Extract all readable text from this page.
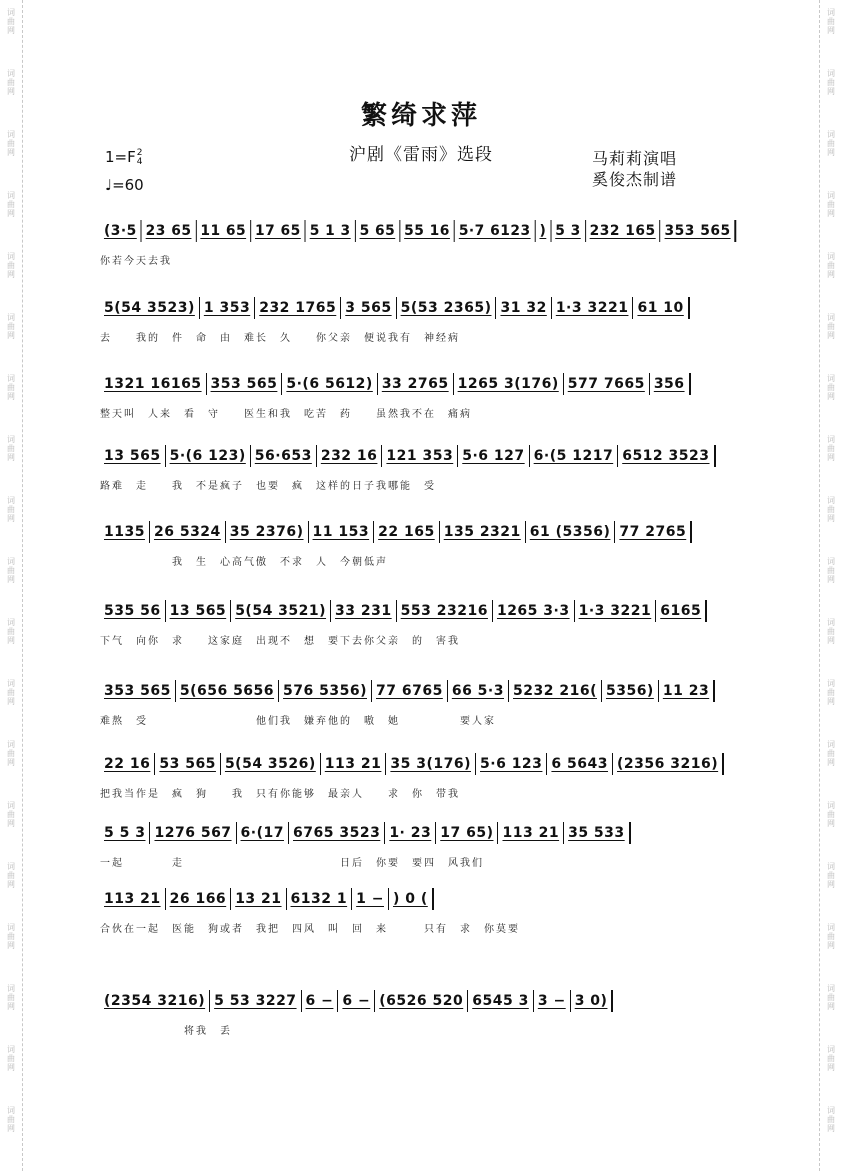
词
曲
网
词
曲
网
词
曲
网
词
曲
网
词
曲
网
词
曲
网
词
曲
网
词
曲
网
词
曲
网
词
曲
网
词
曲
网
词
曲
网
词
曲
网
词
曲
网
词
曲
网
词
曲
网
词
曲
网
词
曲
网
词
曲
网
词
曲
网
词
曲
网
词
曲
网
词
曲
网
词
曲
网
词
曲
网
词
曲
网
词
曲
网
词
曲
网
词
曲
网
词
曲
网
词
曲
网
词
曲
网
词
曲
网
词
曲
网
词
曲
网
词
曲
网
词
曲
网
词
曲
网
繁绮求萍
沪剧《雷雨》选段
1=F2
4
♩=60
马莉莉演唱
奚俊杰制谱
(3·5 23 65 11 65 17 65 5 1 3 5 65 55 16 5·7 6123 ) 5 3 232 165 353 565
你若今天去我
5(54 3523) 1 353 232 1765 3 565 5(53 2365) 31 32 1·3 3221 61 10
去　　我的　件　命　由　难长　久　　你父亲　便说我有　神经病
1321 16165 353 565 5·(6 5612) 33 2765 1265 3(176) 577 7665 356
整天叫　人来　看　守　　医生和我　吃苦　药　　虽然我不在　痛病
13 565 5·(6 123) 56·653 232 16 121 353 5·6 127 6·(5 1217 6512 3523
路难　走　　我　不是疯子　也要　疯　这样的日子我哪能　受
1135 26 5324 35 2376) 11 153 22 165 135 2321 61 (5356) 77 2765
　　　　　　我　生　心高气傲　不求　人　今朝低声
535 56 13 565 5(54 3521) 33 231 553 23216 1265 3·3 1·3 3221 6165
下气　向你　求　　这家庭　出现不　想　要下去你父亲　的　害我
353 565 5(656 5656 576 5356) 77 6765 66 5·3 5232 216( 5356) 11 23
难熬　受　　　　　　　　　他们我　嫌弃他的　嗷　她　　　　　要人家
22 16 53 565 5(54 3526) 113 21 35 3(176) 5·6 123 6 5643 (2356 3216)
把我当作是　疯　狗　　我　只有你能够　最亲人　　求　你　带我
5 5 3 1276 567 6·(17 6765 3523 1· 23 17 65) 113 21 35 533
一起　　　　走　　　　　　　　　　　　　日后　你要　要四　风我们
113 21 26 166 13 21 6132 1 1 − ) 0 (
合伙在一起　医能　狗或者　我把　四风　叫　回　来　　　只有　求　你莫要
(2354 3216) 5 53 3227 6 − 6 − (6526 520 6545 3 3 − 3 0)
　　　　　　　将我　丢
